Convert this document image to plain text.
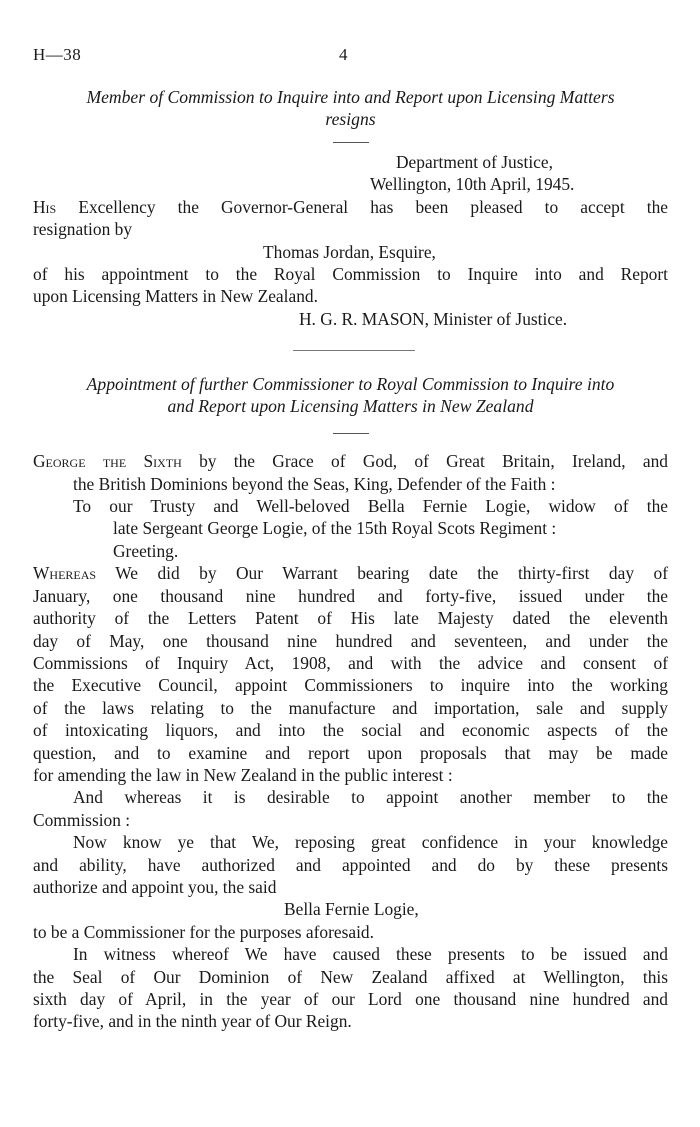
H—38	4

Member of Commission to Inquire into and Report upon Licensing Matters
resigns

Department of Justice,
Wellington, 10th April, 1945.

His Excellency the Governor-General has been pleased to accept the

resignation by

Thomas Jordan, Esquire,

of his appointment to the Royal Commission to Inquire into and Report

upon Licensing Matters in New Zealand.

H. G. R. MASON, Minister of Justice.

Appointment of further Commissioner to Royal Commission to Inquire into
and Report upon Licensing Matters in New Zealand

George the Sixth by the Grace of God, of Great Britain, Ireland, and

the British Dominions beyond the Seas, King, Defender of the Faith :

To our Trusty and Well-beloved Bella Fernie Logie, widow of the

late Sergeant George Logie, of the 15th Royal Scots Regiment :

Greeting.

Whereas We did by Our Warrant bearing date the thirty-first day of

January, one thousand nine hundred and forty-five, issued under the

authority of the Letters Patent of His late Majesty dated the eleventh

day of May, one thousand nine hundred and seventeen, and under the

Commissions of Inquiry Act, 1908, and with the advice and consent of

the Executive Council, appoint Commissioners to inquire into the working

of the laws relating to the manufacture and importation, sale and supply

of intoxicating liquors, and into the social and economic aspects of the

question, and to examine and report upon proposals that may be made

for amending the law in New Zealand in the public interest :

And whereas it is desirable to appoint another member to the

Commission :

Now know ye that We, reposing great confidence in your knowledge

and ability, have authorized and appointed and do by these presents

authorize and appoint you, the said

Bella Fernie Logie,

to be a Commissioner for the purposes aforesaid.

In witness whereof We have caused these presents to be issued and

the Seal of Our Dominion of New Zealand affixed at Wellington, this

sixth day of April, in the year of our Lord one thousand nine hundred and

forty-five, and in the ninth year of Our Reign.
